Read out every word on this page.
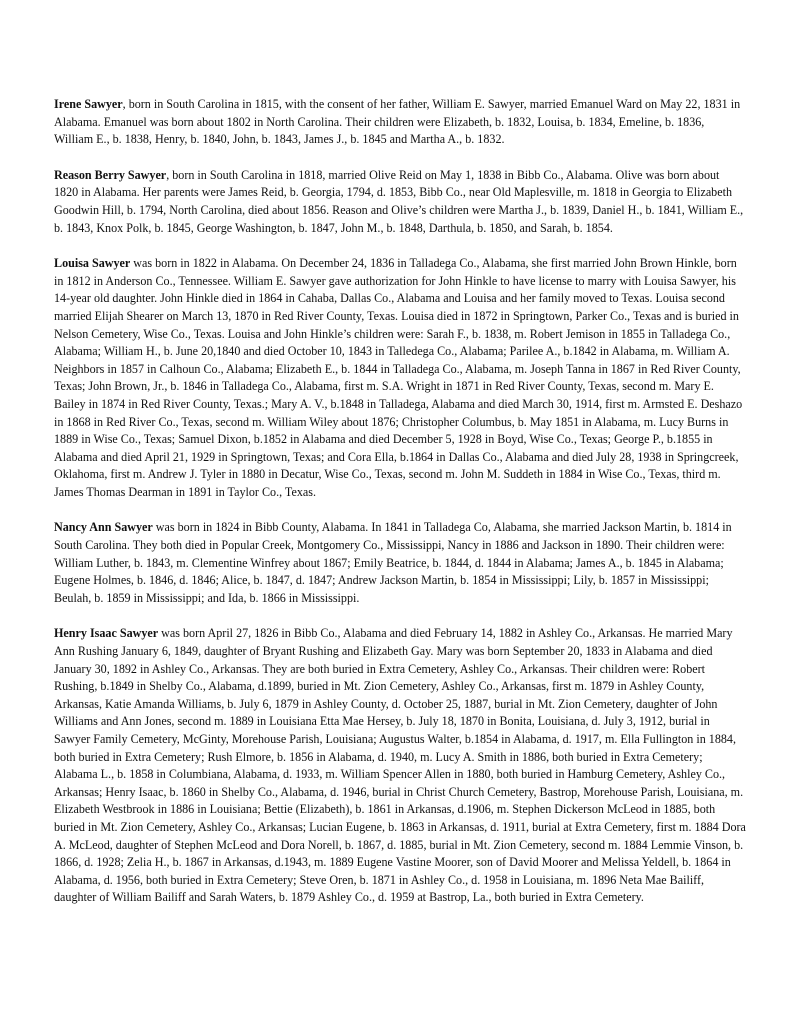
Irene Sawyer, born in South Carolina in 1815, with the consent of her father, William E. Sawyer, married Emanuel Ward on May 22, 1831 in Alabama. Emanuel was born about 1802 in North Carolina. Their children were Elizabeth, b. 1832, Louisa, b. 1834, Emeline, b. 1836, William E., b. 1838, Henry, b. 1840, John, b. 1843, James J., b. 1845 and Martha A., b. 1832.

Reason Berry Sawyer, born in South Carolina in 1818, married Olive Reid on May 1, 1838 in Bibb Co., Alabama. Olive was born about 1820 in Alabama. Her parents were James Reid, b. Georgia, 1794, d. 1853, Bibb Co., near Old Maplesville, m. 1818 in Georgia to Elizabeth Goodwin Hill, b. 1794, North Carolina, died about 1856. Reason and Olive’s children were Martha J., b. 1839, Daniel H., b. 1841, William E., b. 1843, Knox Polk, b. 1845, George Washington, b. 1847, John M., b. 1848, Darthula, b. 1850, and Sarah, b. 1854.

Louisa Sawyer was born in 1822 in Alabama. On December 24, 1836 in Talladega Co., Alabama, she first married John Brown Hinkle, born in 1812 in Anderson Co., Tennessee. William E. Sawyer gave authorization for John Hinkle to have license to marry with Louisa Sawyer, his 14-year old daughter. John Hinkle died in 1864 in Cahaba, Dallas Co., Alabama and Louisa and her family moved to Texas. Louisa second married Elijah Shearer on March 13, 1870 in Red River County, Texas. Louisa died in 1872 in Springtown, Parker Co., Texas and is buried in Nelson Cemetery, Wise Co., Texas. Louisa and John Hinkle’s children were: Sarah F., b. 1838, m. Robert Jemison in 1855 in Talladega Co., Alabama; William H., b. June 20,1840 and died October 10, 1843 in Talledega Co., Alabama; Parilee A., b.1842 in Alabama, m. William A. Neighbors in 1857 in Calhoun Co., Alabama; Elizabeth E., b. 1844 in Talladega Co., Alabama, m. Joseph Tanna in 1867 in Red River County, Texas; John Brown, Jr., b. 1846 in Talladega Co., Alabama, first m. S.A. Wright in 1871 in Red River County, Texas, second m. Mary E. Bailey in 1874 in Red River County, Texas.; Mary A. V., b.1848 in Talladega, Alabama and died March 30, 1914, first m. Armsted E. Deshazo in 1868 in Red River Co., Texas, second m. William Wiley about 1876; Christopher Columbus, b. May 1851 in Alabama, m. Lucy Burns in 1889 in Wise Co., Texas; Samuel Dixon, b.1852 in Alabama and died December 5, 1928 in Boyd, Wise Co., Texas; George P., b.1855 in Alabama and died April 21, 1929 in Springtown, Texas; and Cora Ella, b.1864 in Dallas Co., Alabama and died July 28, 1938 in Springcreek, Oklahoma, first m. Andrew J. Tyler in 1880 in Decatur, Wise Co., Texas, second m. John M. Suddeth in 1884 in Wise Co., Texas, third m. James Thomas Dearman in 1891 in Taylor Co., Texas.

Nancy Ann Sawyer was born in 1824 in Bibb County, Alabama. In 1841 in Talladega Co, Alabama, she married Jackson Martin, b. 1814 in South Carolina. They both died in Popular Creek, Montgomery Co., Mississippi, Nancy in 1886 and Jackson in 1890. Their children were: William Luther, b. 1843, m. Clementine Winfrey about 1867; Emily Beatrice, b. 1844, d. 1844 in Alabama; James A., b. 1845 in Alabama; Eugene Holmes, b. 1846, d. 1846; Alice, b. 1847, d. 1847; Andrew Jackson Martin, b. 1854 in Mississippi; Lily, b. 1857 in Mississippi; Beulah, b. 1859 in Mississippi; and Ida, b. 1866 in Mississippi.

Henry Isaac Sawyer was born April 27, 1826 in Bibb Co., Alabama and died February 14, 1882 in Ashley Co., Arkansas. He married Mary Ann Rushing January 6, 1849, daughter of Bryant Rushing and Elizabeth Gay. Mary was born September 20, 1833 in Alabama and died January 30, 1892 in Ashley Co., Arkansas. They are both buried in Extra Cemetery, Ashley Co., Arkansas. Their children were: Robert Rushing, b.1849 in Shelby Co., Alabama, d.1899, buried in Mt. Zion Cemetery, Ashley Co., Arkansas, first m. 1879 in Ashley County, Arkansas, Katie Amanda Williams, b. July 6, 1879 in Ashley County, d. October 25, 1887, burial in Mt. Zion Cemetery, daughter of John Williams and Ann Jones, second m. 1889 in Louisiana Etta Mae Hersey, b. July 18, 1870 in Bonita, Louisiana, d. July 3, 1912, burial in Sawyer Family Cemetery, McGinty, Morehouse Parish, Louisiana; Augustus Walter, b.1854 in Alabama, d. 1917, m. Ella Fullington in 1884, both buried in Extra Cemetery; Rush Elmore, b. 1856 in Alabama, d. 1940, m. Lucy A. Smith in 1886, both buried in Extra Cemetery; Alabama L., b. 1858 in Columbiana, Alabama, d. 1933, m. William Spencer Allen in 1880, both buried in Hamburg Cemetery, Ashley Co., Arkansas; Henry Isaac, b. 1860 in Shelby Co., Alabama, d. 1946, burial in Christ Church Cemetery, Bastrop, Morehouse Parish, Louisiana, m. Elizabeth Westbrook in 1886 in Louisiana; Bettie (Elizabeth), b. 1861 in Arkansas, d.1906, m. Stephen Dickerson McLeod in 1885, both buried in Mt. Zion Cemetery, Ashley Co., Arkansas; Lucian Eugene, b. 1863 in Arkansas, d. 1911, burial at Extra Cemetery, first m. 1884 Dora A. McLeod, daughter of Stephen McLeod and Dora Norell, b. 1867, d. 1885, burial in Mt. Zion Cemetery, second m. 1884 Lemmie Vinson, b. 1866, d. 1928; Zelia H., b. 1867 in Arkansas, d.1943, m. 1889 Eugene Vastine Moorer, son of David Moorer and Melissa Yeldell, b. 1864 in Alabama, d. 1956, both buried in Extra Cemetery; Steve Oren, b. 1871 in Ashley Co., d. 1958 in Louisiana, m. 1896 Neta Mae Bailiff, daughter of William Bailiff and Sarah Waters, b. 1879 Ashley Co., d. 1959 at Bastrop, La., both buried in Extra Cemetery.
